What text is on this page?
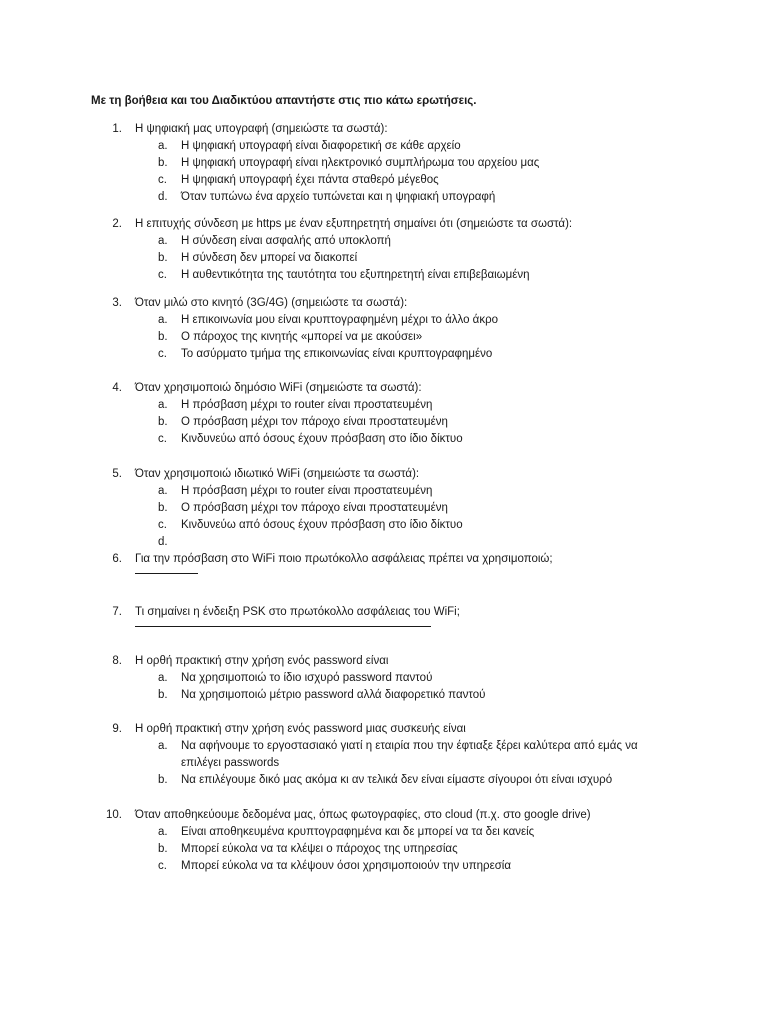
Με τη βοήθεια και του Διαδικτύου απαντήστε στις πιο κάτω ερωτήσεις.
1. Η ψηφιακή μας υπογραφή (σημειώστε τα σωστά):
a. Η ψηφιακή υπογραφή είναι διαφορετική σε κάθε αρχείο
b. Η ψηφιακή υπογραφή είναι ηλεκτρονικό συμπλήρωμα του αρχείου μας
c. Η ψηφιακή υπογραφή έχει πάντα σταθερό μέγεθος
d. Όταν τυπώνω ένα αρχείο τυπώνεται και η ψηφιακή υπογραφή
2. Η επιτυχής σύνδεση με https με έναν εξυπηρετητή σημαίνει ότι (σημειώστε τα σωστά):
a. Η σύνδεση είναι ασφαλής από υποκλοπή
b. Η σύνδεση δεν μπορεί να διακοπεί
c. Η αυθεντικότητα της ταυτότητα του εξυπηρετητή είναι επιβεβαιωμένη
3. Όταν μιλώ στο κινητό (3G/4G) (σημειώστε τα σωστά):
a. Η επικοινωνία μου είναι κρυπτογραφημένη μέχρι το άλλο άκρο
b. Ο πάροχος της κινητής «μπορεί να με ακούσει»
c. Το ασύρματο τμήμα της επικοινωνίας είναι κρυπτογραφημένο
4. Όταν χρησιμοποιώ δημόσιο WiFi (σημειώστε τα σωστά):
a. Η πρόσβαση μέχρι το router είναι προστατευμένη
b. Ο πρόσβαση μέχρι τον πάροχο είναι προστατευμένη
c. Κινδυνεύω από όσους έχουν πρόσβαση στο ίδιο δίκτυο
5. Όταν χρησιμοποιώ ιδιωτικό WiFi (σημειώστε τα σωστά):
a. Η πρόσβαση μέχρι το router είναι προστατευμένη
b. Ο πρόσβαση μέχρι τον πάροχο είναι προστατευμένη
c. Κινδυνεύω από όσους έχουν πρόσβαση στο ίδιο δίκτυο
d.
6. Για την πρόσβαση στο WiFi ποιο πρωτόκολλο ασφάλειας πρέπει να χρησιμοποιώ;
7. Τι σημαίνει η ένδειξη PSK στο πρωτόκολλο ασφάλειας του WiFi;
8. Η ορθή πρακτική στην χρήση ενός password είναι
a. Να χρησιμοποιώ το ίδιο ισχυρό password παντού
b. Να χρησιμοποιώ μέτριο password αλλά διαφορετικό παντού
9. Η ορθή πρακτική στην χρήση ενός password μιας συσκευής είναι
a. Να αφήνουμε το εργοστασιακό γιατί η εταιρία που την έφτιαξε ξέρει καλύτερα από εμάς να επιλέγει passwords
b. Να επιλέγουμε δικό μας ακόμα κι αν τελικά δεν είναι είμαστε σίγουροι ότι είναι ισχυρό
10. Όταν αποθηκεύουμε δεδομένα μας, όπως φωτογραφίες, στο cloud (π.χ. στο google drive)
a. Είναι αποθηκευμένα κρυπτογραφημένα και δε μπορεί να τα δει κανείς
b. Μπορεί εύκολα να τα κλέψει ο πάροχος της υπηρεσίας
c. Μπορεί εύκολα να τα κλέψουν όσοι χρησιμοποιούν την υπηρεσία
